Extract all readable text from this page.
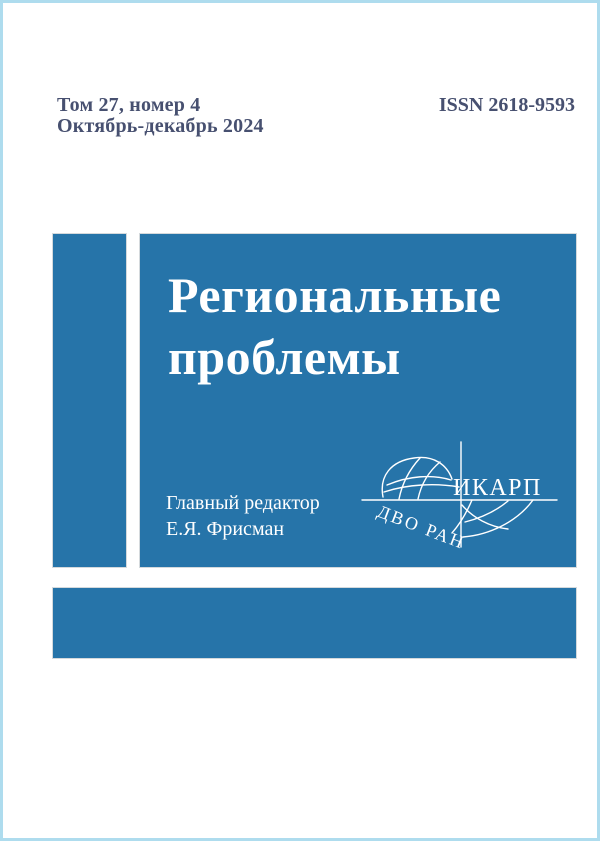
Том 27, номер 4
Октябрь-декабрь 2024
ISSN 2618-9593
Региональные
проблемы
Главный редактор
Е.Я. Фрисман
ИКАРП
ДВО РАН
